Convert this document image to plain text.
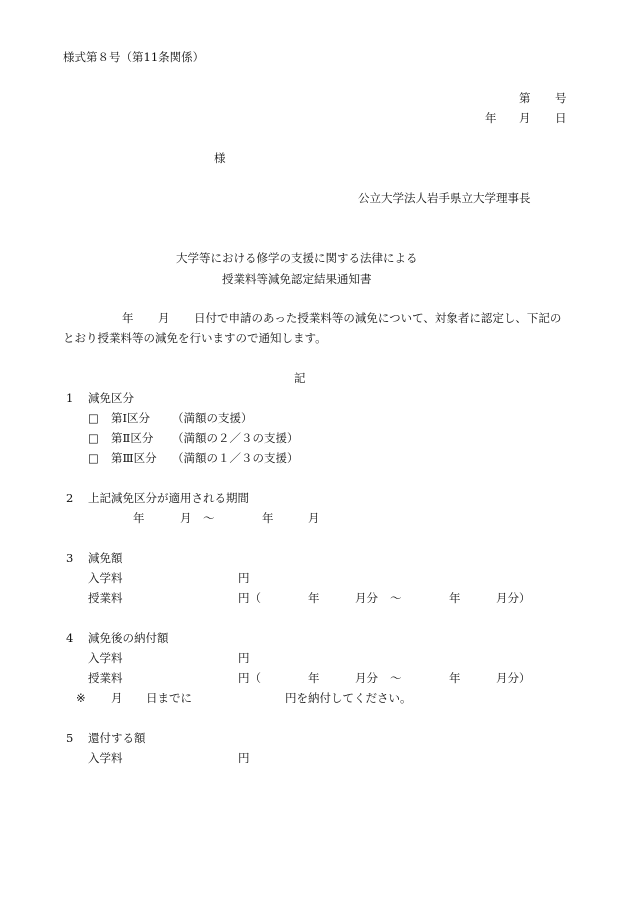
様式第８号（第11条関係）
第 号
年 月 日
様
公立大学法人岩手県立大学理事長
大学等における修学の支援に関する法律による
授業料等減免認定結果通知書
年 月 日付で申請のあった授業料等の減免について、対象者に認定し、下記の
とおり授業料等の減免を行いますので通知します。
記
1 減免区分
□ 第Ⅰ区分 （満額の支援）
□ 第Ⅱ区分 （満額の２／３の支援）
□ 第Ⅲ区分 （満額の１／３の支援）
2 上記減免区分が適用される期間
年	月 ～	年	月
3 減免額
入学料	円
授業料	円（	年	月分 ～	年	月分）
4 減免後の納付額
入学料	円
授業料	円（	年	月分 ～	年	月分）
※ 月 日までに	円を納付してください。
5 還付する額
入学料	円
